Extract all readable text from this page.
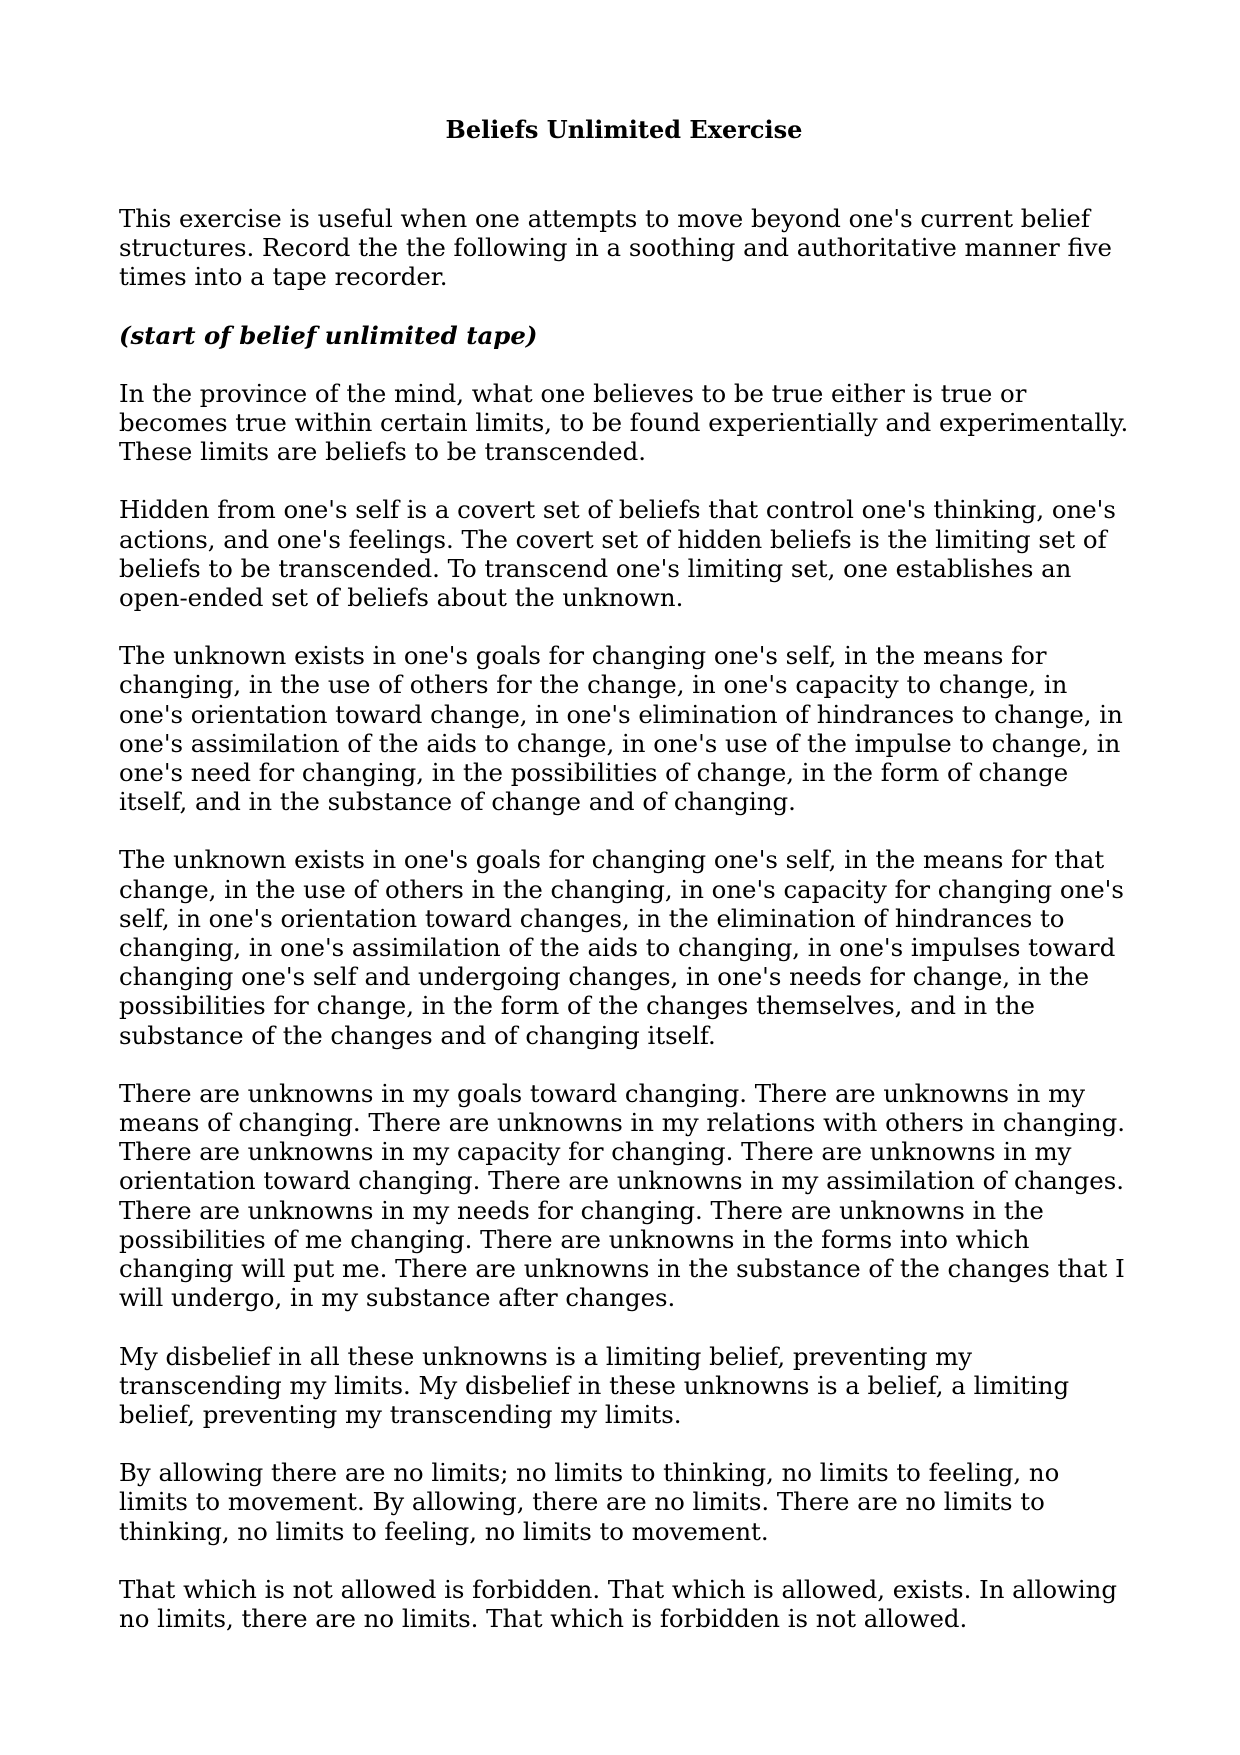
Beliefs Unlimited Exercise

This exercise is useful when one attempts to move beyond one's current belief structures. Record the the following in a soothing and authoritative manner five times into a tape recorder.

(start of belief unlimited tape)

In the province of the mind, what one believes to be true either is true or becomes true within certain limits, to be found experientially and experimentally. These limits are beliefs to be transcended.

Hidden from one's self is a covert set of beliefs that control one's thinking, one's actions, and one's feelings. The covert set of hidden beliefs is the limiting set of beliefs to be transcended. To transcend one's limiting set, one establishes an open-ended set of beliefs about the unknown.

The unknown exists in one's goals for changing one's self, in the means for changing, in the use of others for the change, in one's capacity to change, in one's orientation toward change, in one's elimination of hindrances to change, in one's assimilation of the aids to change, in one's use of the impulse to change, in one's need for changing, in the possibilities of change, in the form of change itself, and in the substance of change and of changing.

The unknown exists in one's goals for changing one's self, in the means for that change, in the use of others in the changing, in one's capacity for changing one's self, in one's orientation toward changes, in the elimination of hindrances to changing, in one's assimilation of the aids to changing, in one's impulses toward changing one's self and undergoing changes, in one's needs for change, in the possibilities for change, in the form of the changes themselves, and in the substance of the changes and of changing itself.

There are unknowns in my goals toward changing. There are unknowns in my means of changing. There are unknowns in my relations with others in changing. There are unknowns in my capacity for changing. There are unknowns in my orientation toward changing. There are unknowns in my assimilation of changes. There are unknowns in my needs for changing. There are unknowns in the possibilities of me changing. There are unknowns in the forms into which changing will put me. There are unknowns in the substance of the changes that I will undergo, in my substance after changes.

My disbelief in all these unknowns is a limiting belief, preventing my transcending my limits. My disbelief in these unknowns is a belief, a limiting belief, preventing my transcending my limits.

By allowing there are no limits; no limits to thinking, no limits to feeling, no limits to movement. By allowing, there are no limits. There are no limits to thinking, no limits to feeling, no limits to movement.

That which is not allowed is forbidden. That which is allowed, exists. In allowing no limits, there are no limits. That which is forbidden is not allowed.
